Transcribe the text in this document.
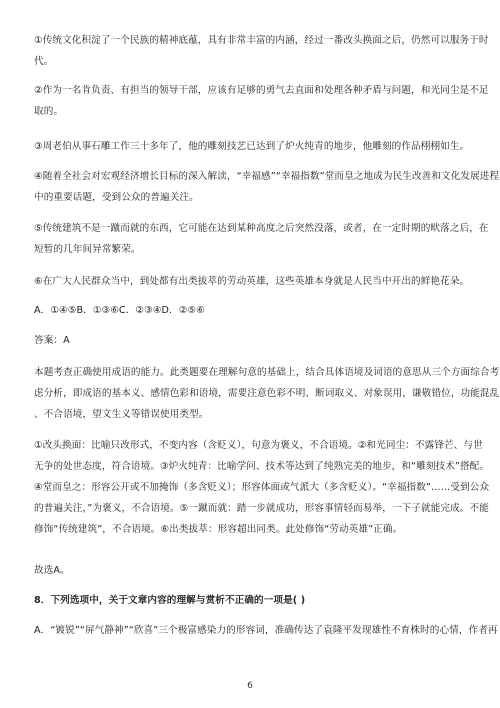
①传统文化积淀了一个民族的精神底蕴，具有非常丰富的内涵，经过一番改头换面之后，仍然可以服务于时
代。

②作为一名肯负责、有担当的领导干部，应该有足够的勇气去直面和处理各种矛盾与问题，和光同尘是不足
取的。

③周老伯从事石雕工作三十多年了，他的雕刻技艺已达到了炉火纯青的地步，他雕刻的作品栩栩如生。

④随着全社会对宏观经济增长目标的深入解读，“幸福感”“幸福指数”堂而皇之地成为民生改善和文化发展进程
中的重要话题，受到公众的普遍关注。

⑤传统建筑不是一蹴而就的东西，它可能在达到某种高度之后突然没落，或者，在一定时期的畎落之后，在
短暂的几年间异常繁荣。

⑥在广大人民群众当中，到处都有出类拔萃的劳动英雄，这些英雄本身就是人民当中开出的鲜艳花朵。

A．①④⑤B．①③⑥C．②③④D．②⑤⑥

答案：A

本题考查正确使用成语的能力。此类题要在理解句意的基础上，结合具体语境及词语的意思从三个方面综合考
虑分析，即成语的基本义、感情色彩和语境，需要注意色彩不明、断词取义、对象误用，谦敬错位，功能混乱
、不合语境，望文生义等错误使用类型。

①改头换面：比喻只改形式，不变内容（含贬义），句意为褒义，不合语境。②和光同尘：不露锋芒、与世
无争的处世态度，符合语境。③炉火纯青：比喻学问、技术等达到了纯熟完美的地步，和“雕刻技术”搭配。
④堂而皇之：形容公开或不加掩饰（多含贬义）；形容体面或气派大（多含贬义）。“幸福指数”……受到公众
的普遍关注，”为褒义，不合语境。⑤一蹴而就：踏一步就成功，形容事情轻而易举，一下子就能完成。不能
修饰“传统建筑”，不合语境。⑥出类拔萃：形容超出同类。此处修饰“劳动英雄”正确。

故选A。

8．下列选项中，关于文章内容的理解与赏析不正确的一项是( )

A．“镀锐”“屏气静神”“欣喜”三个极富感染力的形容词，准确传达了袁隆平发现雄性不育株时的心情，作者再

6
